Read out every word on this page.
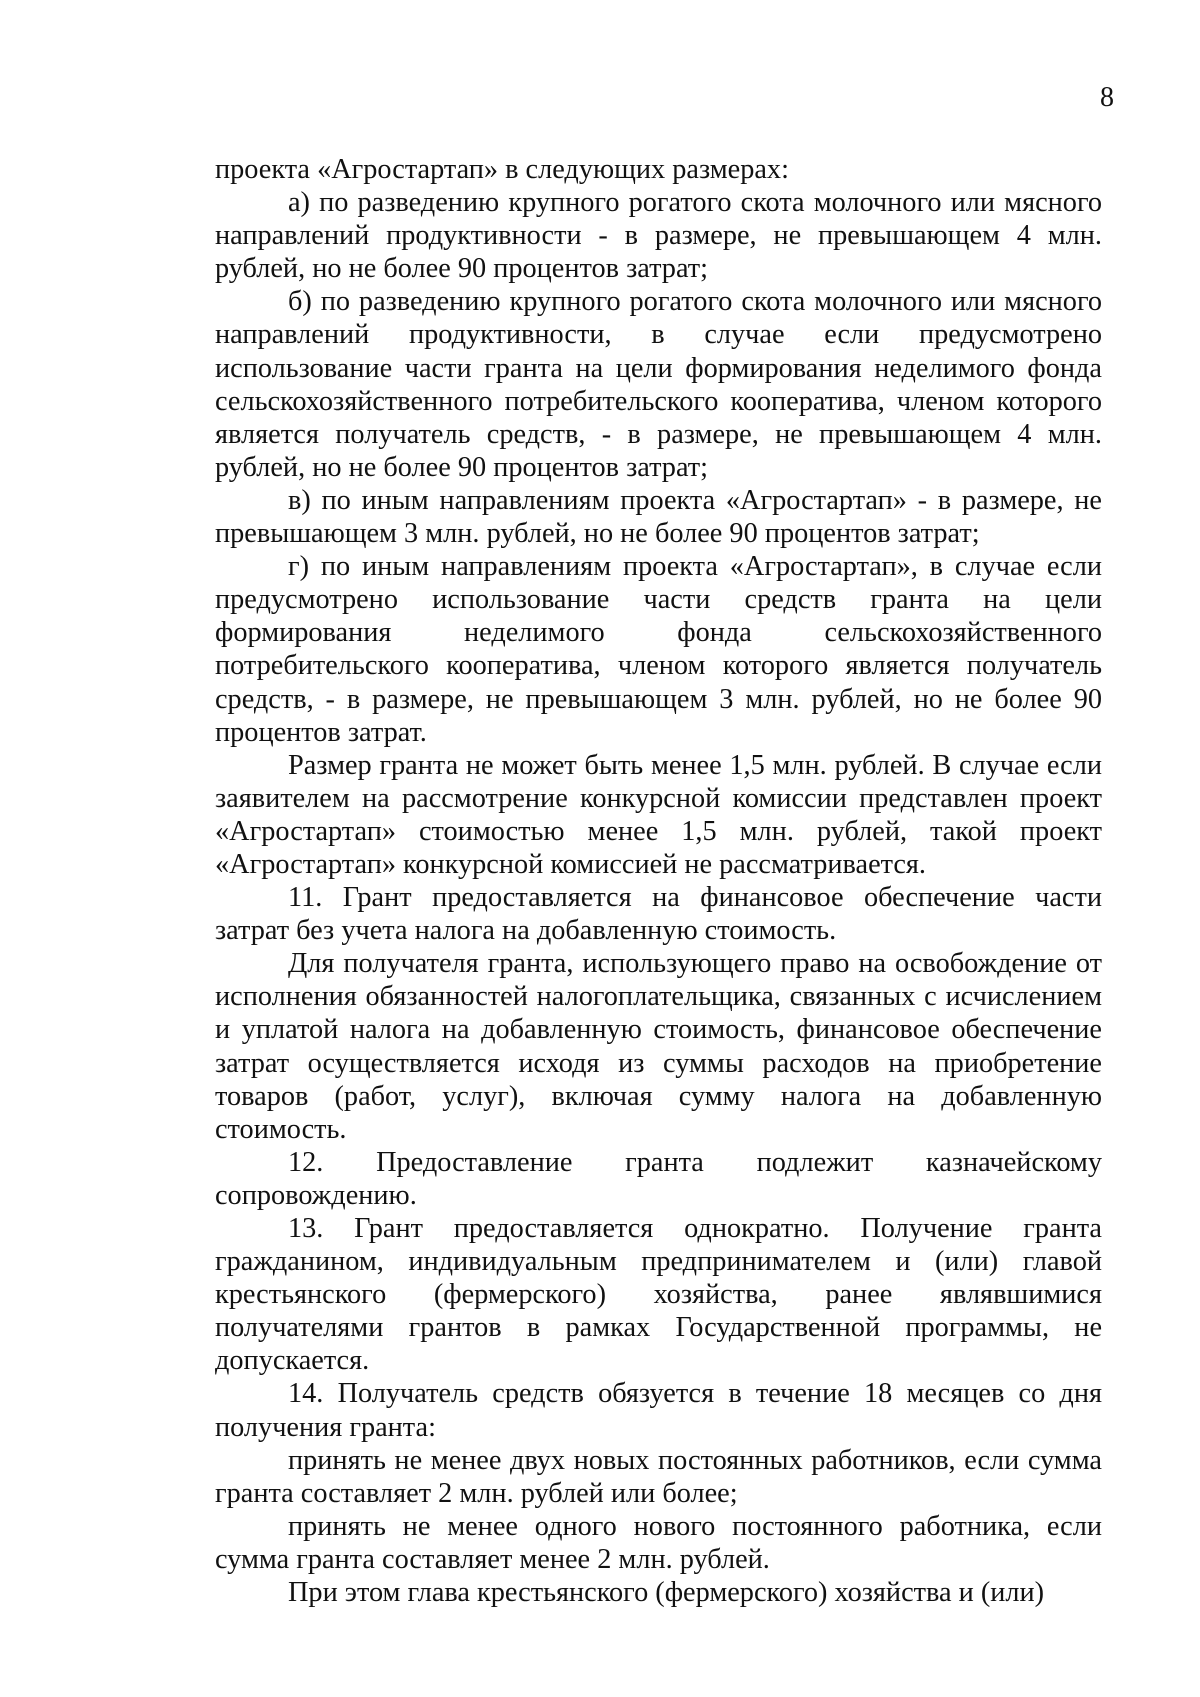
8

проекта «Агростартап» в следующих размерах:

а) по разведению крупного рогатого скота молочного или мясного направлений продуктивности - в размере, не превышающем 4 млн. рублей, но не более 90 процентов затрат;

б) по разведению крупного рогатого скота молочного или мясного направлений продуктивности, в случае если предусмотрено использование части гранта на цели формирования неделимого фонда сельскохозяйственного потребительского кооператива, членом которого является получатель средств, - в размере, не превышающем 4 млн. рублей, но не более 90 процентов затрат;

в) по иным направлениям проекта «Агростартап» - в размере, не превышающем 3 млн. рублей, но не более 90 процентов затрат;

г) по иным направлениям проекта «Агростартап», в случае если предусмотрено использование части средств гранта на цели формирования неделимого фонда сельскохозяйственного потребительского кооператива, членом которого является получатель средств, - в размере, не превышающем 3 млн. рублей, но не более 90 процентов затрат.

Размер гранта не может быть менее 1,5 млн. рублей. В случае если заявителем на рассмотрение конкурсной комиссии представлен проект «Агростартап» стоимостью менее 1,5 млн. рублей, такой проект «Агростартап» конкурсной комиссией не рассматривается.

11. Грант предоставляется на финансовое обеспечение части затрат без учета налога на добавленную стоимость.

Для получателя гранта, использующего право на освобождение от исполнения обязанностей налогоплательщика, связанных с исчислением и уплатой налога на добавленную стоимость, финансовое обеспечение затрат осуществляется исходя из суммы расходов на приобретение товаров (работ, услуг), включая сумму налога на добавленную стоимость.

12. Предоставление гранта подлежит казначейскому сопровождению.

13. Грант предоставляется однократно. Получение гранта гражданином, индивидуальным предпринимателем и (или) главой крестьянского (фермерского) хозяйства, ранее являвшимися получателями грантов в рамках Государственной программы, не допускается.

14. Получатель средств обязуется в течение 18 месяцев со дня получения гранта:

принять не менее двух новых постоянных работников, если сумма гранта составляет 2 млн. рублей или более;

принять не менее одного нового постоянного работника, если сумма гранта составляет менее 2 млн. рублей.

При этом глава крестьянского (фермерского) хозяйства и (или)
